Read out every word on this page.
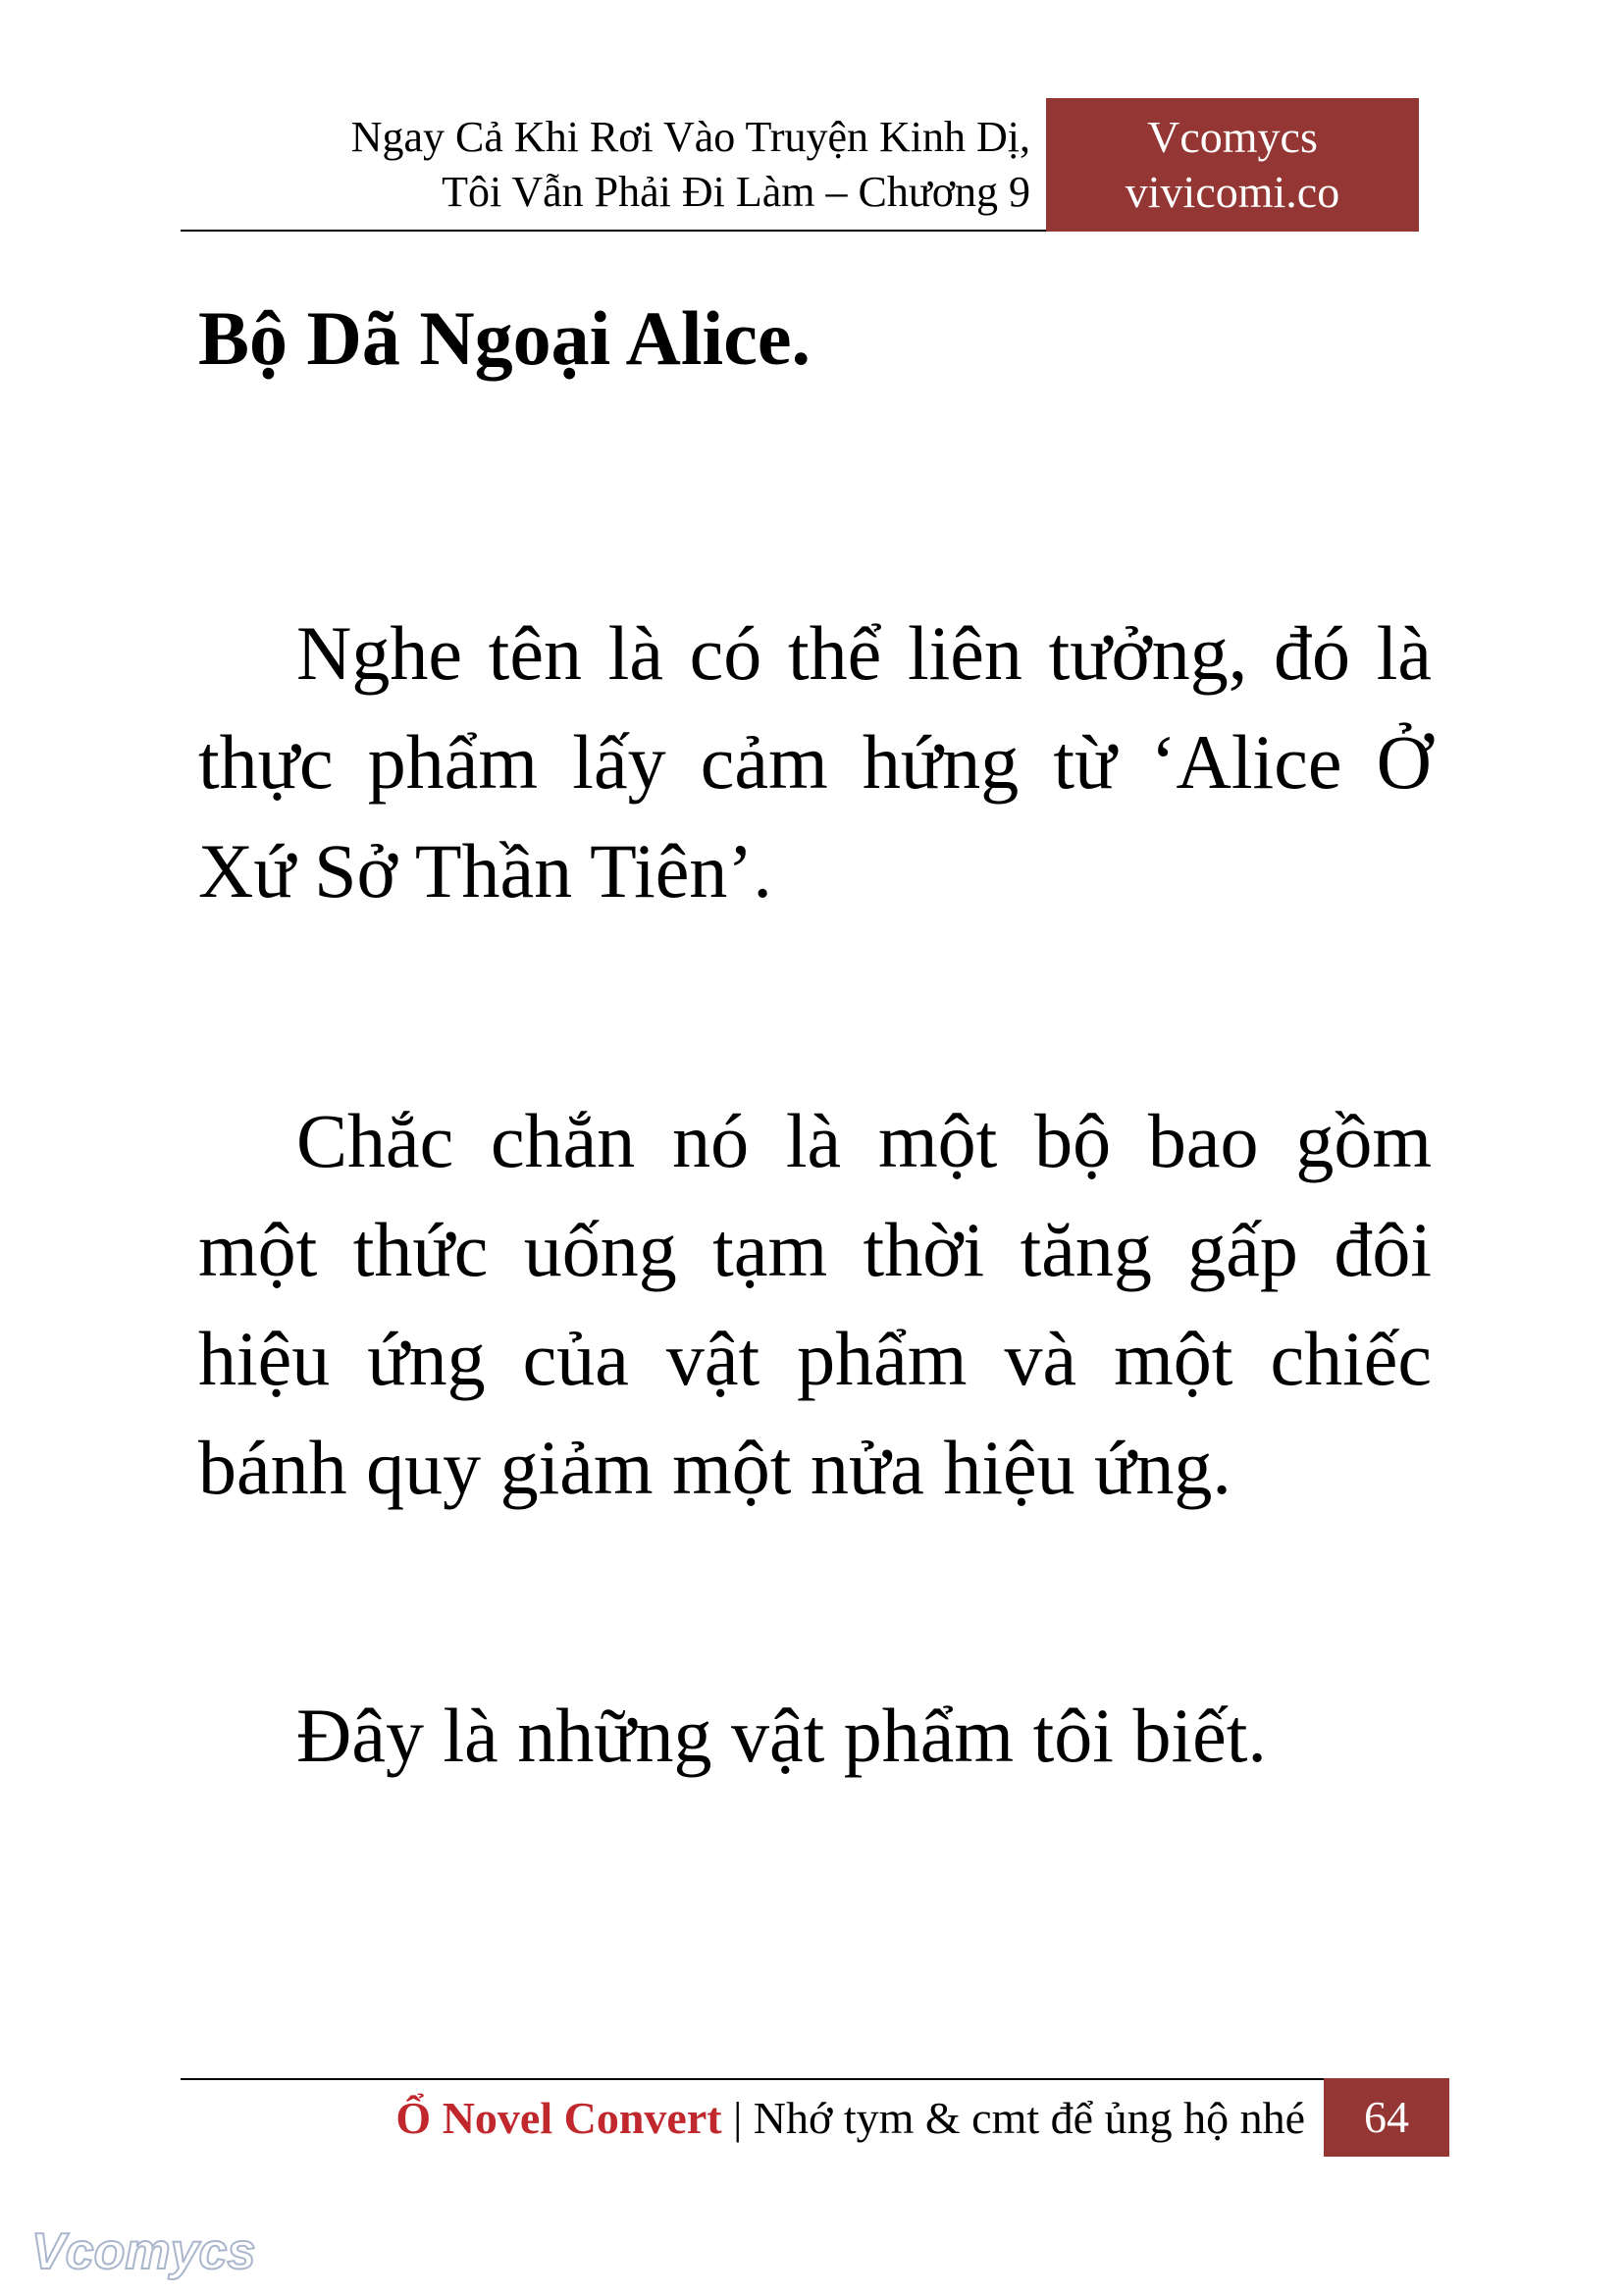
Ngay Cả Khi Rơi Vào Truyện Kinh Dị,
Tôi Vẫn Phải Đi Làm – Chương 9
Vcomycs
vivicomi.co

Bộ Dã Ngoại Alice.

Nghe tên là có thể liên tưởng, đó là thực phẩm lấy cảm hứng từ ‘Alice Ở Xứ Sở Thần Tiên’.

Chắc chắn nó là một bộ bao gồm một thức uống tạm thời tăng gấp đôi hiệu ứng của vật phẩm và một chiếc bánh quy giảm một nửa hiệu ứng.

Đây là những vật phẩm tôi biết.

Ổ Novel Convert | Nhớ tym & cmt để ủng hộ nhé	64
Vcomycs
